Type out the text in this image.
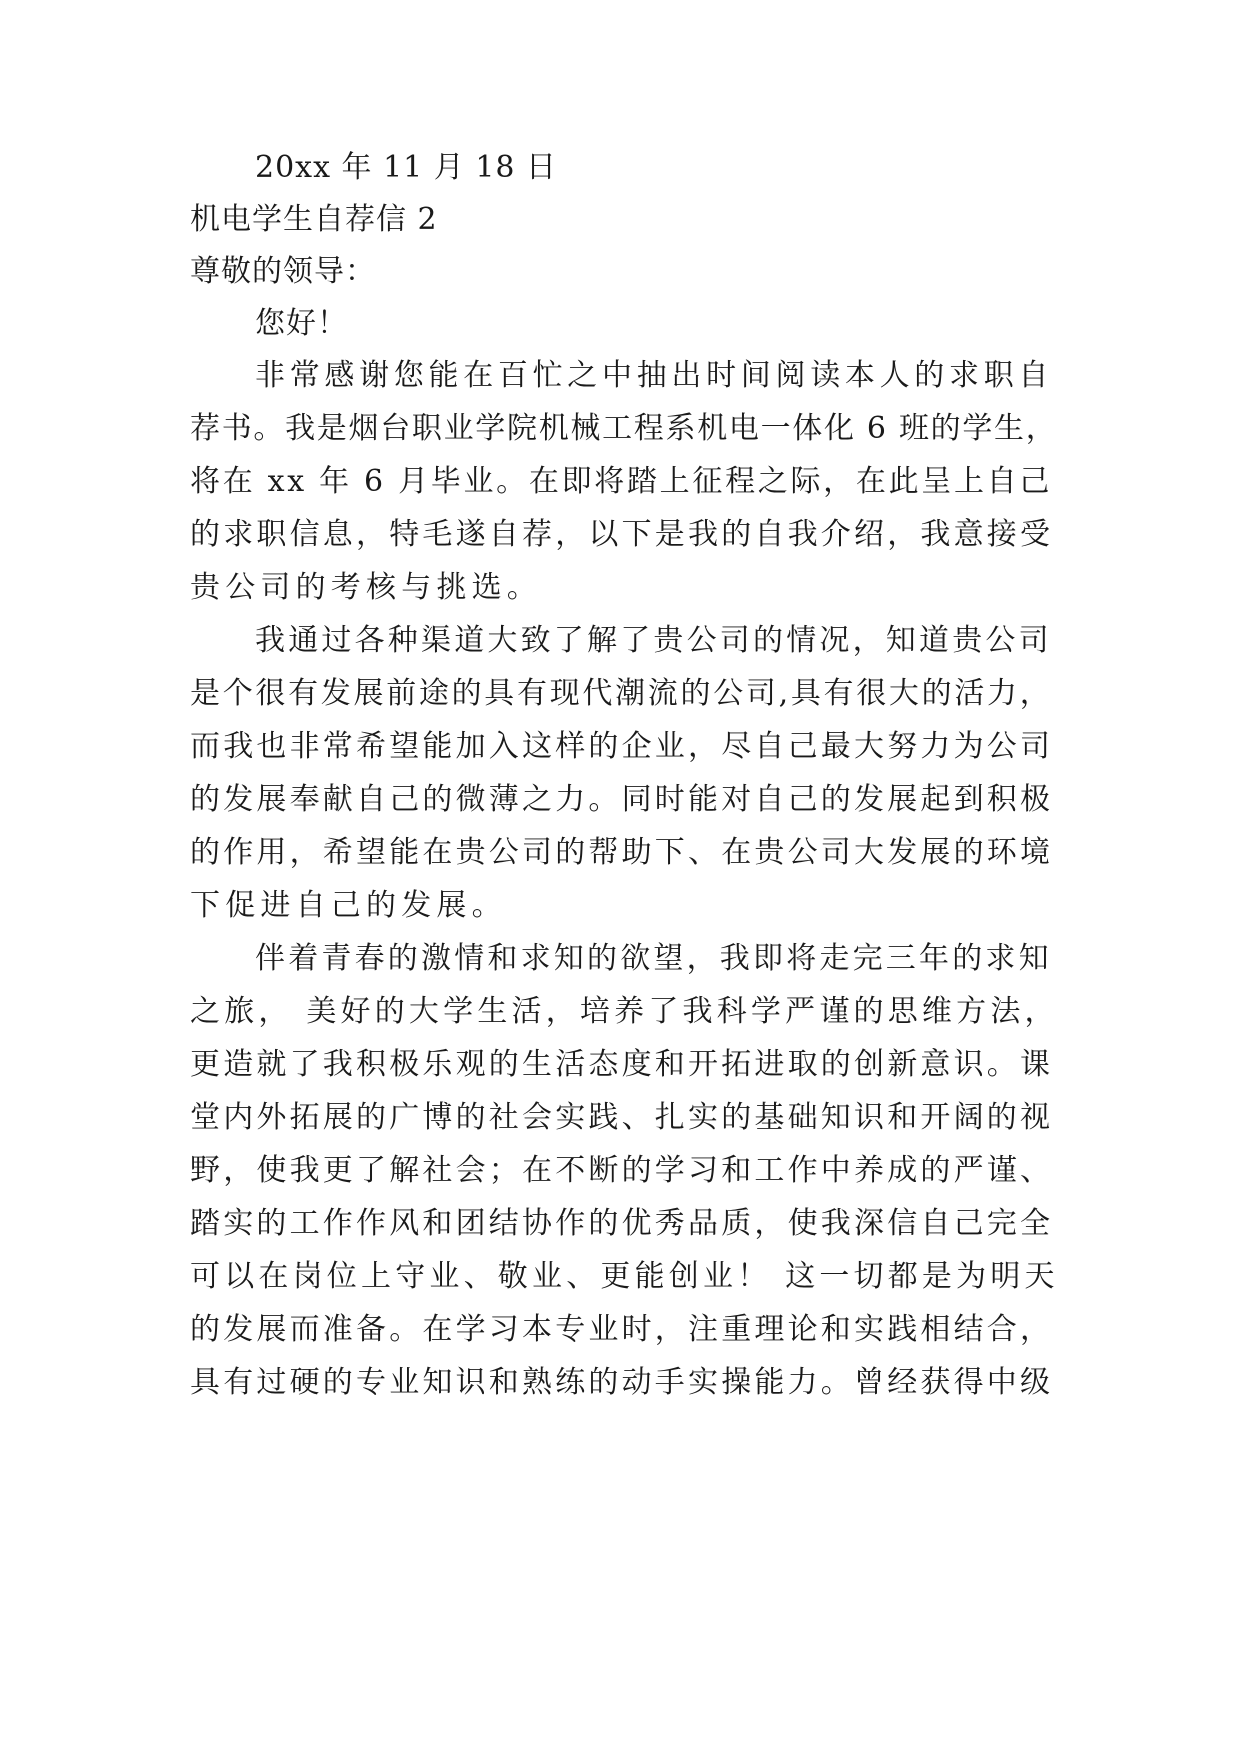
20xx 年 11 月 18 日
机电学生自荐信 2
尊敬的领导：
您好！
非常感谢您能在百忙之中抽出时间阅读本人的求职自
荐书。我是烟台职业学院机械工程系机电一体化 6 班的学生，
将在 xx 年 6 月毕业。在即将踏上征程之际，在此呈上自己
的求职信息，特毛遂自荐，以下是我的自我介绍，我意接受
贵公司的考核与挑选。
我通过各种渠道大致了解了贵公司的情况，知道贵公司
是个很有发展前途的具有现代潮流的公司,具有很大的活力，
而我也非常希望能加入这样的企业，尽自己最大努力为公司
的发展奉献自己的微薄之力。同时能对自己的发展起到积极
的作用，希望能在贵公司的帮助下、在贵公司大发展的环境
下促进自己的发展。
伴着青春的激情和求知的欲望，我即将走完三年的求知
之旅， 美好的大学生活，培养了我科学严谨的思维方法，
更造就了我积极乐观的生活态度和开拓进取的创新意识。课
堂内外拓展的广博的社会实践、扎实的基础知识和开阔的视
野，使我更了解社会；在不断的学习和工作中养成的严谨、
踏实的工作作风和团结协作的优秀品质，使我深信自己完全
可以在岗位上守业、敬业、更能创业！ 这一切都是为明天
的发展而准备。在学习本专业时，注重理论和实践相结合，
具有过硬的专业知识和熟练的动手实操能力。曾经获得中级
